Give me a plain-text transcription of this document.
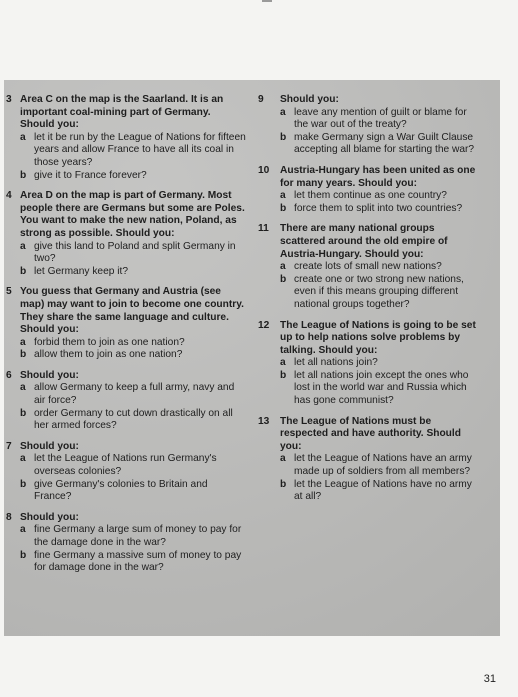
3 Area C on the map is the Saarland. It is an important coal-mining part of Germany. Should you:
a let it be run by the League of Nations for fifteen years and allow France to have all its coal in those years?
b give it to France forever?
4 Area D on the map is part of Germany. Most people there are Germans but some are Poles. You want to make the new nation, Poland, as strong as possible. Should you:
a give this land to Poland and split Germany in two?
b let Germany keep it?
5 You guess that Germany and Austria (see map) may want to join to become one country. They share the same language and culture. Should you:
a forbid them to join as one nation?
b allow them to join as one nation?
6 Should you:
a allow Germany to keep a full army, navy and air force?
b order Germany to cut down drastically on all her armed forces?
7 Should you:
a let the League of Nations run Germany's overseas colonies?
b give Germany's colonies to Britain and France?
8 Should you:
a fine Germany a large sum of money to pay for the damage done in the war?
b fine Germany a massive sum of money to pay for damage done in the war?
9 Should you:
a leave any mention of guilt or blame for the war out of the treaty?
b make Germany sign a War Guilt Clause accepting all blame for starting the war?
10 Austria-Hungary has been united as one for many years. Should you:
a let them continue as one country?
b force them to split into two countries?
11 There are many national groups scattered around the old empire of Austria-Hungary. Should you:
a create lots of small new nations?
b create one or two strong new nations, even if this means grouping different national groups together?
12 The League of Nations is going to be set up to help nations solve problems by talking. Should you:
a let all nations join?
b let all nations join except the ones who lost in the world war and Russia which has gone communist?
13 The League of Nations must be respected and have authority. Should you:
a let the League of Nations have an army made up of soldiers from all members?
b let the League of Nations have no army at all?
31
